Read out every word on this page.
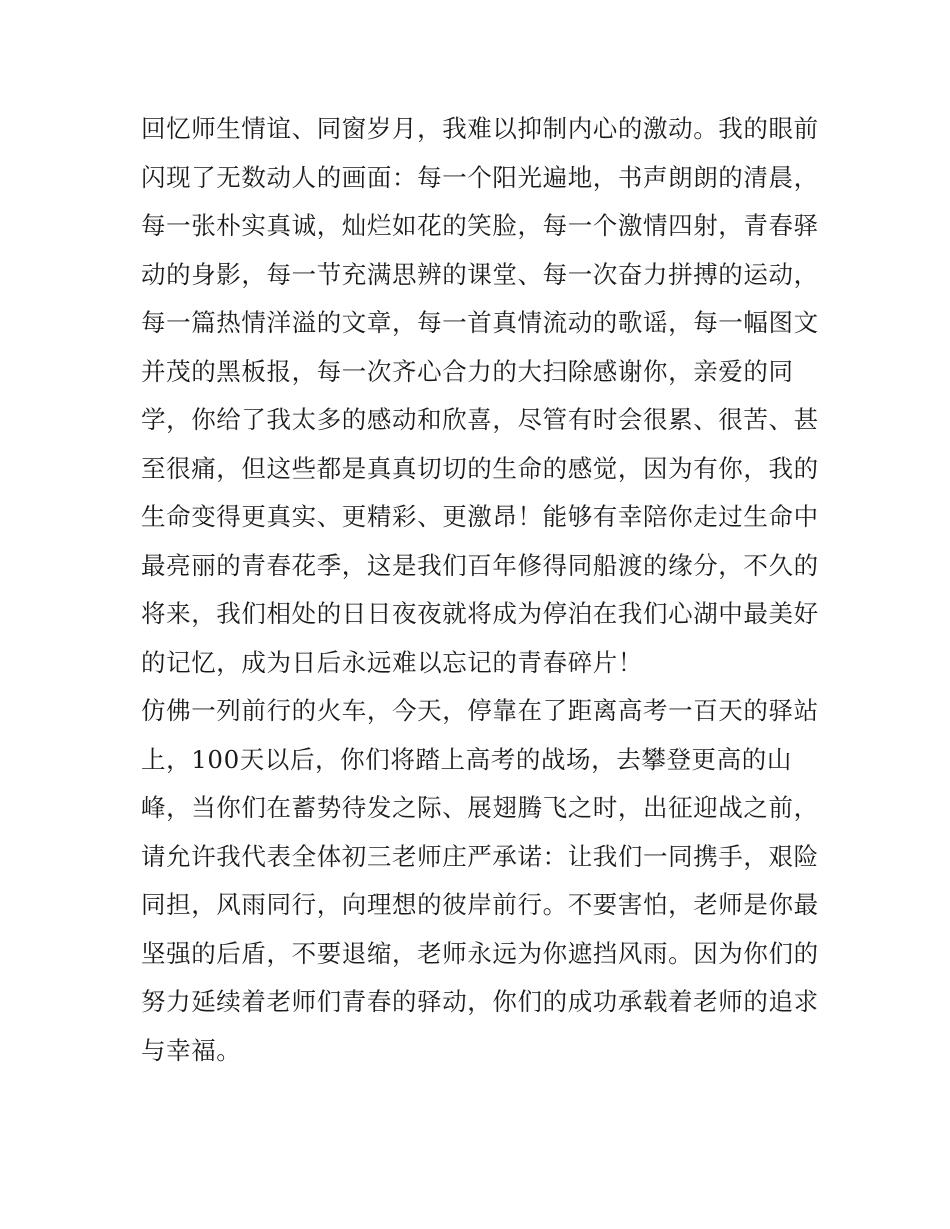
回忆师生情谊、同窗岁月，我难以抑制内心的激动。我的眼前
闪现了无数动人的画面：每一个阳光遍地，书声朗朗的清晨，
每一张朴实真诚，灿烂如花的笑脸，每一个激情四射，青春驿
动的身影，每一节充满思辨的课堂、每一次奋力拼搏的运动，
每一篇热情洋溢的文章，每一首真情流动的歌谣，每一幅图文
并茂的黑板报，每一次齐心合力的大扫除感谢你，亲爱的同
学，你给了我太多的感动和欣喜，尽管有时会很累、很苦、甚
至很痛，但这些都是真真切切的生命的感觉，因为有你，我的
生命变得更真实、更精彩、更激昂！能够有幸陪你走过生命中
最亮丽的青春花季，这是我们百年修得同船渡的缘分，不久的
将来，我们相处的日日夜夜就将成为停泊在我们心湖中最美好
的记忆，成为日后永远难以忘记的青春碎片！
仿佛一列前行的火车，今天，停靠在了距离高考一百天的驿站
上，100天以后，你们将踏上高考的战场，去攀登更高的山
峰，当你们在蓄势待发之际、展翅腾飞之时，出征迎战之前，
请允许我代表全体初三老师庄严承诺：让我们一同携手，艰险
同担，风雨同行，向理想的彼岸前行。不要害怕，老师是你最
坚强的后盾，不要退缩，老师永远为你遮挡风雨。因为你们的
努力延续着老师们青春的驿动，你们的成功承载着老师的追求
与幸福。
